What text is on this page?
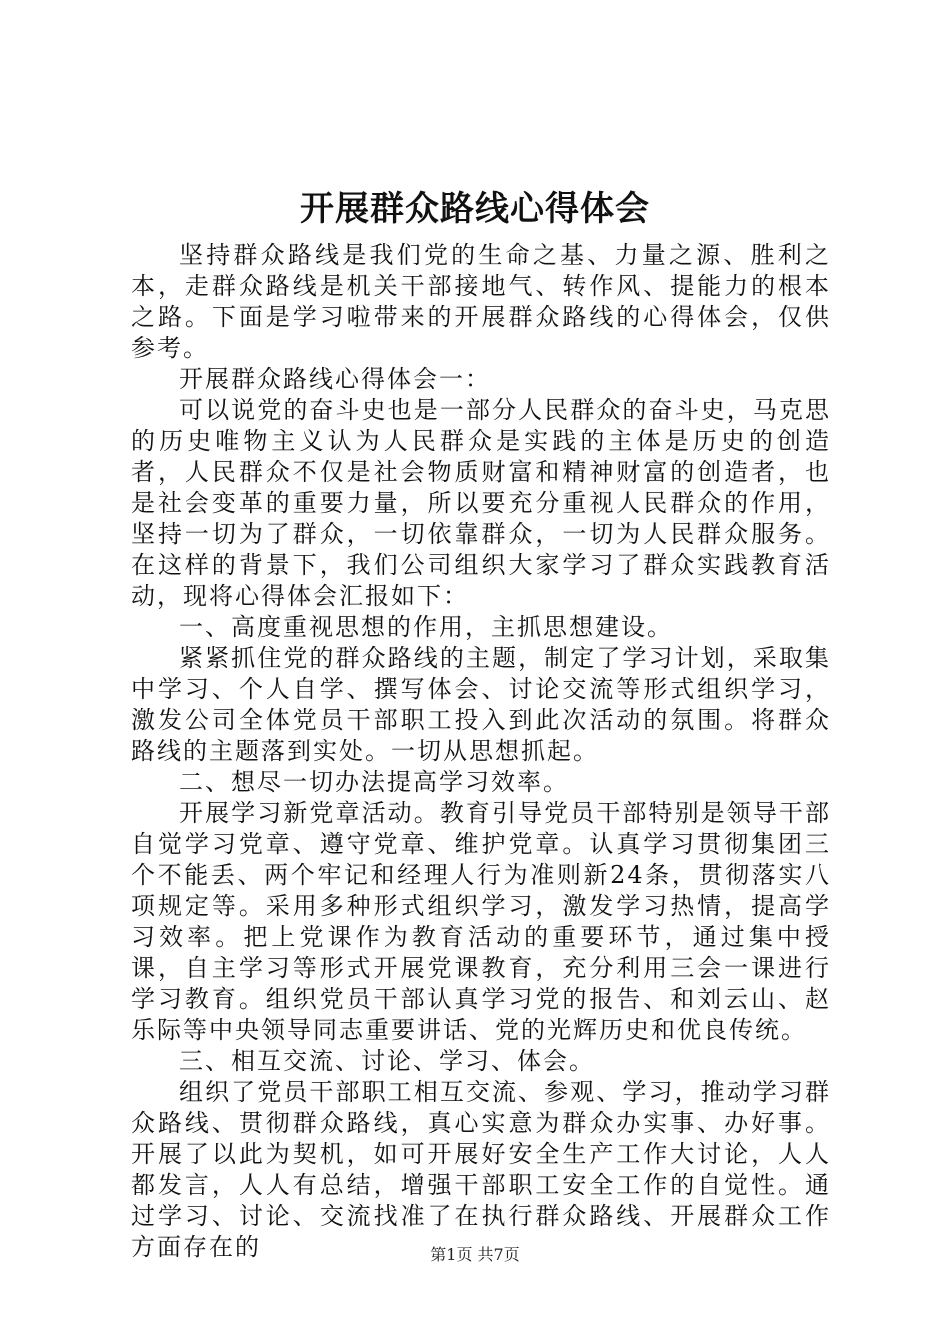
开展群众路线心得体会

坚持群众路线是我们党的生命之基、力量之源、胜利之本，走群众路线是机关干部接地气、转作风、提能力的根本之路。下面是学习啦带来的开展群众路线的心得体会，仅供参考。

开展群众路线心得体会一：

可以说党的奋斗史也是一部分人民群众的奋斗史，马克思的历史唯物主义认为人民群众是实践的主体是历史的创造者，人民群众不仅是社会物质财富和精神财富的创造者，也是社会变革的重要力量，所以要充分重视人民群众的作用，坚持一切为了群众，一切依靠群众，一切为人民群众服务。在这样的背景下，我们公司组织大家学习了群众实践教育活动，现将心得体会汇报如下：

一、高度重视思想的作用，主抓思想建设。

紧紧抓住党的群众路线的主题，制定了学习计划，采取集中学习、个人自学、撰写体会、讨论交流等形式组织学习，激发公司全体党员干部职工投入到此次活动的氛围。将群众路线的主题落到实处。一切从思想抓起。

二、想尽一切办法提高学习效率。

开展学习新党章活动。教育引导党员干部特别是领导干部自觉学习党章、遵守党章、维护党章。认真学习贯彻集团三个不能丢、两个牢记和经理人行为准则新24条，贯彻落实八项规定等。采用多种形式组织学习，激发学习热情，提高学习效率。把上党课作为教育活动的重要环节，通过集中授课，自主学习等形式开展党课教育，充分利用三会一课进行学习教育。组织党员干部认真学习党的报告、和刘云山、赵乐际等中央领导同志重要讲话、党的光辉历史和优良传统。

三、相互交流、讨论、学习、体会。

组织了党员干部职工相互交流、参观、学习，推动学习群众路线、贯彻群众路线，真心实意为群众办实事、办好事。开展了以此为契机，如可开展好安全生产工作大讨论，人人都发言，人人有总结，增强干部职工安全工作的自觉性。通过学习、讨论、交流找准了在执行群众路线、开展群众工作方面存在的	第1页 共7页
